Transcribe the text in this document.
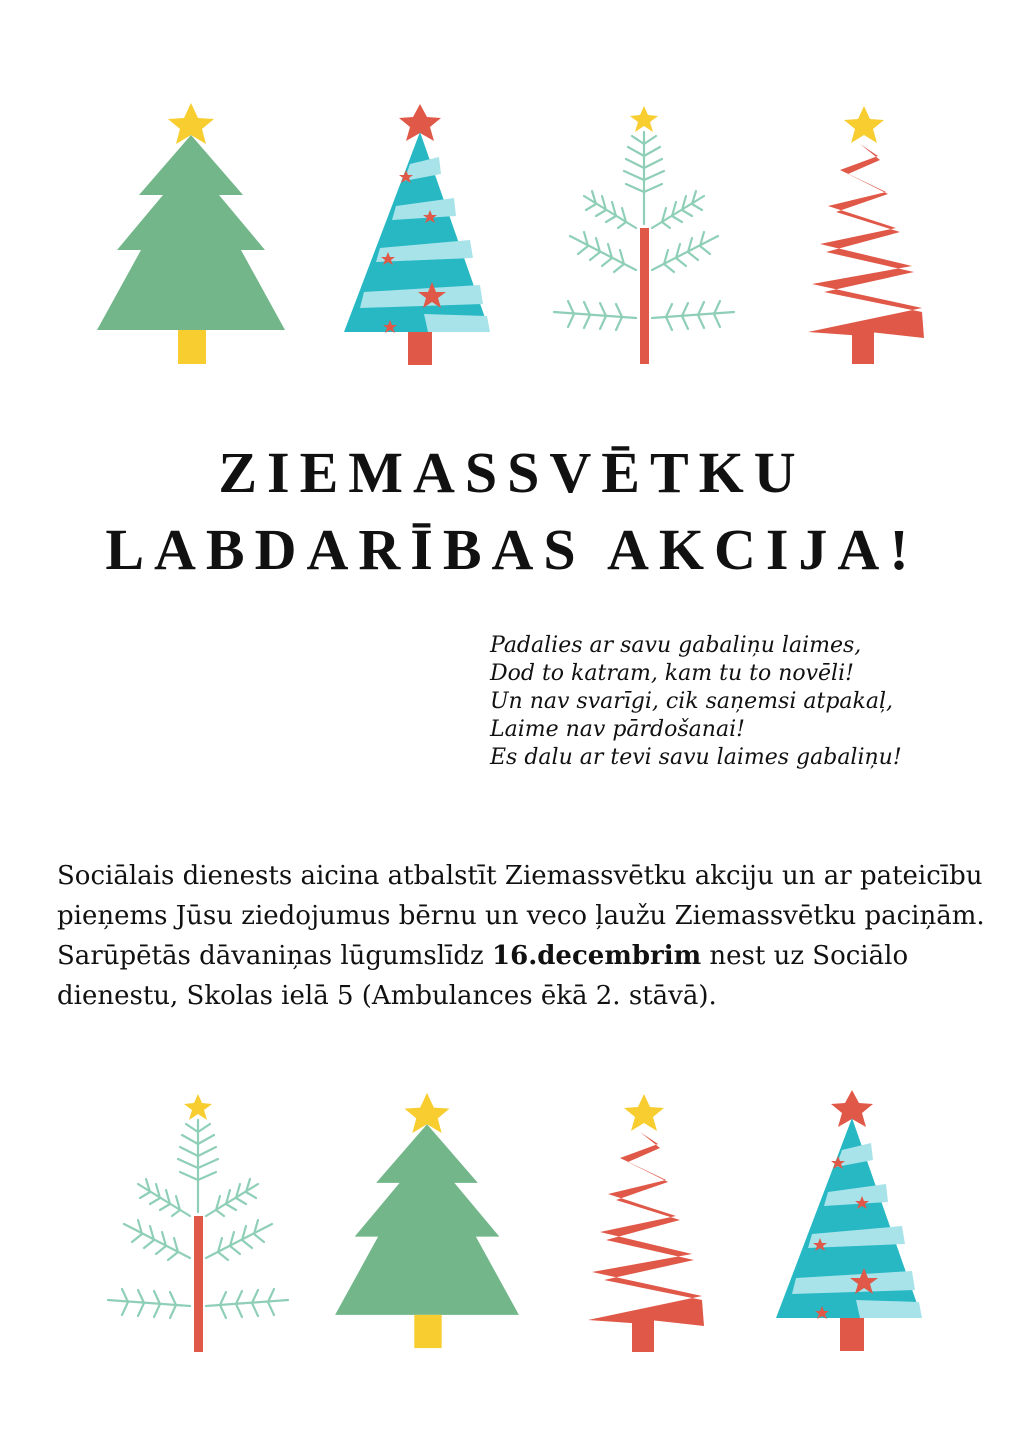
ZIEMASSVĒTKU
LABDARĪBAS AKCIJA!
Padalies ar savu gabaliņu laimes,
Dod to katram, kam tu to novēli!
Un nav svarīgi, cik saņemsi atpakaļ,
Laime nav pārdošanai!
Es dalu ar tevi savu laimes gabaliņu!

Sociālais dienests aicina atbalstīt Ziemassvētku akciju un ar pateicību pieņems Jūsu ziedojumus bērnu un veco ļaužu Ziemassvētku paciņām.

Sarūpētās dāvaniņas lūgumslīdz 16.decembrim nest uz Sociālo dienestu, Skolas ielā 5 (Ambulances ēkā 2. stāvā).
